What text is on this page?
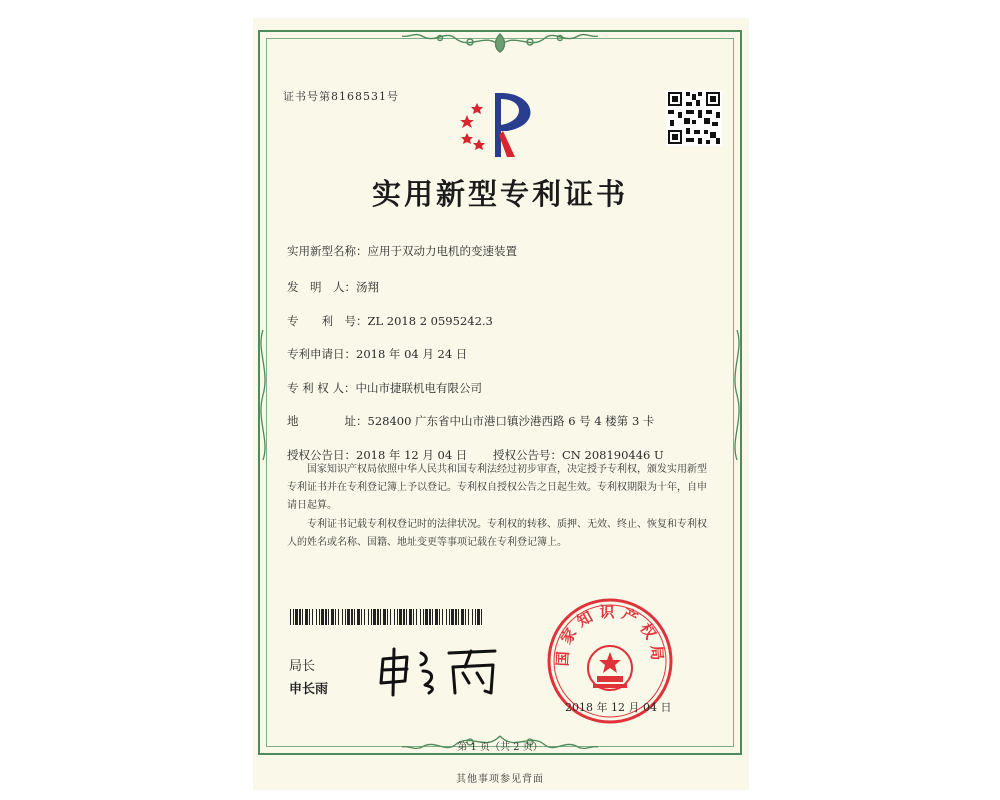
证书号第8168531号
实用新型专利证书
实用新型名称：应用于双动力电机的变速装置
发　明　人：汤翔
专　　利　号：ZL 2018 2 0595242.3
专利申请日：2018 年 04 月 24 日
专 利 权 人：中山市捷联机电有限公司
地　　　　址：528400 广东省中山市港口镇沙港西路 6 号 4 楼第 3 卡
授权公告日：2018 年 12 月 04 日 授权公告号：CN 208190446 U
国家知识产权局依照中华人民共和国专利法经过初步审查，决定授予专利权，颁发实用新型专利证书并在专利登记簿上予以登记。专利权自授权公告之日起生效。专利权期限为十年，自申请日起算。
专利证书记载专利权登记时的法律状况。专利权的转移、质押、无效、终止、恢复和专利权人的姓名或名称、国籍、地址变更等事项记载在专利登记簿上。
局长
申长雨
国家知识产权局
2018 年 12 月 04 日
第 1 页（共 2 页）
其他事项参见背面
